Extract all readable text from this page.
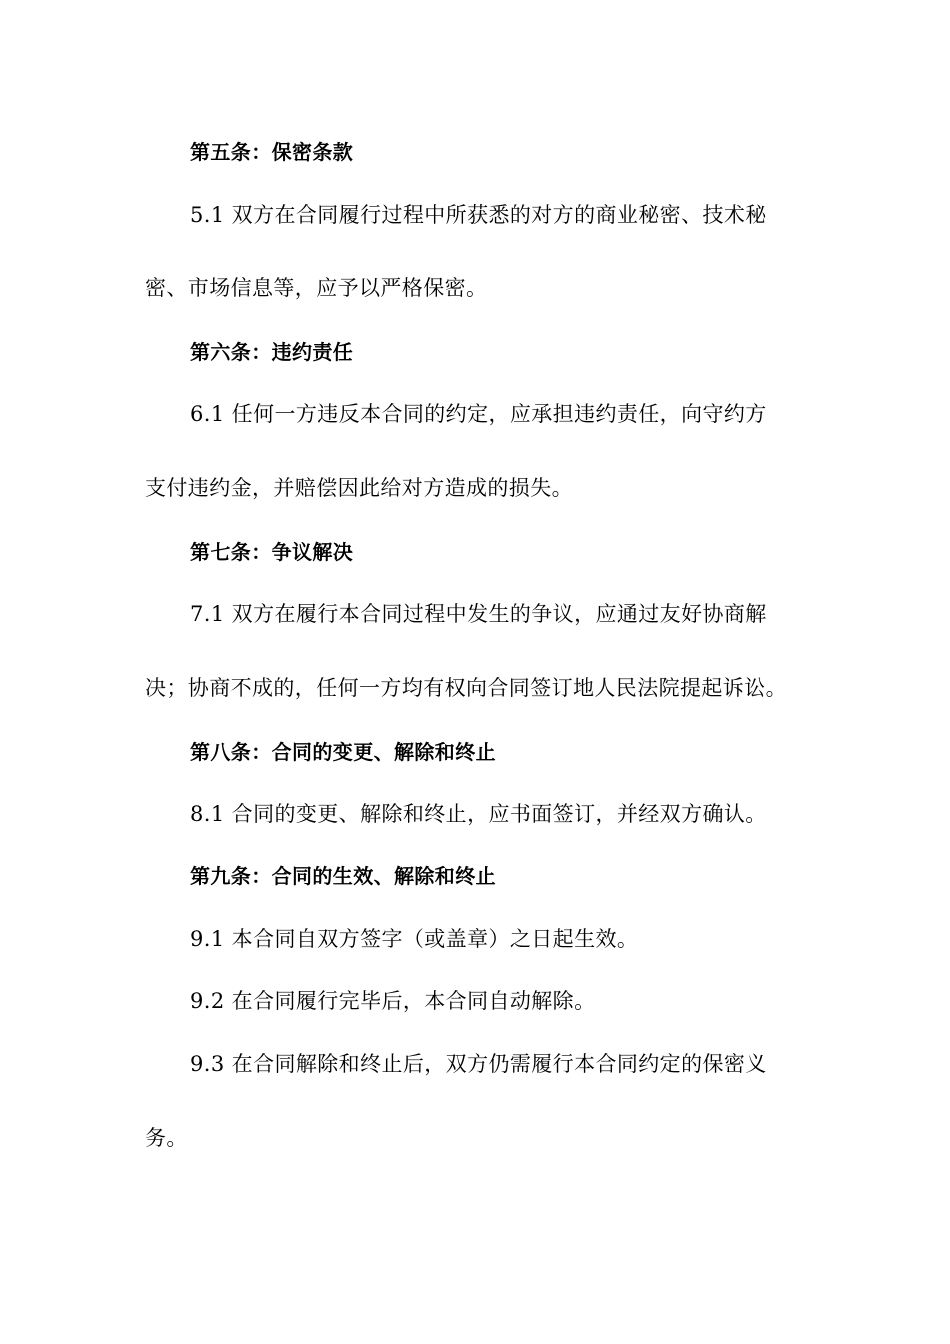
第五条：保密条款
5.1 双方在合同履行过程中所获悉的对方的商业秘密、技术秘
密、市场信息等，应予以严格保密。
第六条：违约责任
6.1 任何一方违反本合同的约定，应承担违约责任，向守约方
支付违约金，并赔偿因此给对方造成的损失。
第七条：争议解决
7.1 双方在履行本合同过程中发生的争议，应通过友好协商解
决；协商不成的，任何一方均有权向合同签订地人民法院提起诉讼。
第八条：合同的变更、解除和终止
8.1 合同的变更、解除和终止，应书面签订，并经双方确认。
第九条：合同的生效、解除和终止
9.1 本合同自双方签字（或盖章）之日起生效。
9.2 在合同履行完毕后，本合同自动解除。
9.3 在合同解除和终止后，双方仍需履行本合同约定的保密义
务。
